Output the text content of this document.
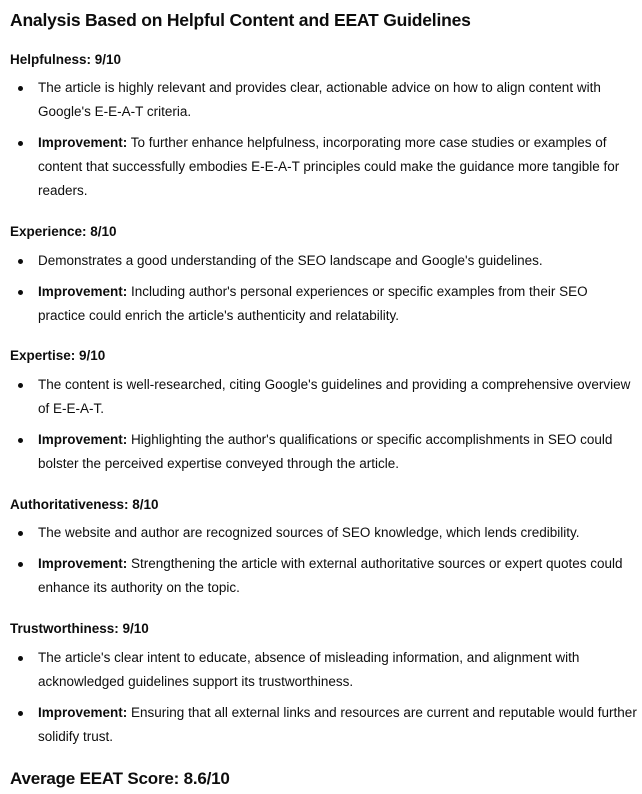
Analysis Based on Helpful Content and EEAT Guidelines
Helpfulness: 9/10
The article is highly relevant and provides clear, actionable advice on how to align content with Google's E-E-A-T criteria.
Improvement: To further enhance helpfulness, incorporating more case studies or examples of content that successfully embodies E-E-A-T principles could make the guidance more tangible for readers.
Experience: 8/10
Demonstrates a good understanding of the SEO landscape and Google's guidelines.
Improvement: Including author's personal experiences or specific examples from their SEO practice could enrich the article's authenticity and relatability.
Expertise: 9/10
The content is well-researched, citing Google's guidelines and providing a comprehensive overview of E-E-A-T.
Improvement: Highlighting the author's qualifications or specific accomplishments in SEO could bolster the perceived expertise conveyed through the article.
Authoritativeness: 8/10
The website and author are recognized sources of SEO knowledge, which lends credibility.
Improvement: Strengthening the article with external authoritative sources or expert quotes could enhance its authority on the topic.
Trustworthiness: 9/10
The article's clear intent to educate, absence of misleading information, and alignment with acknowledged guidelines support its trustworthiness.
Improvement: Ensuring that all external links and resources are current and reputable would further solidify trust.
Average EEAT Score: 8.6/10
